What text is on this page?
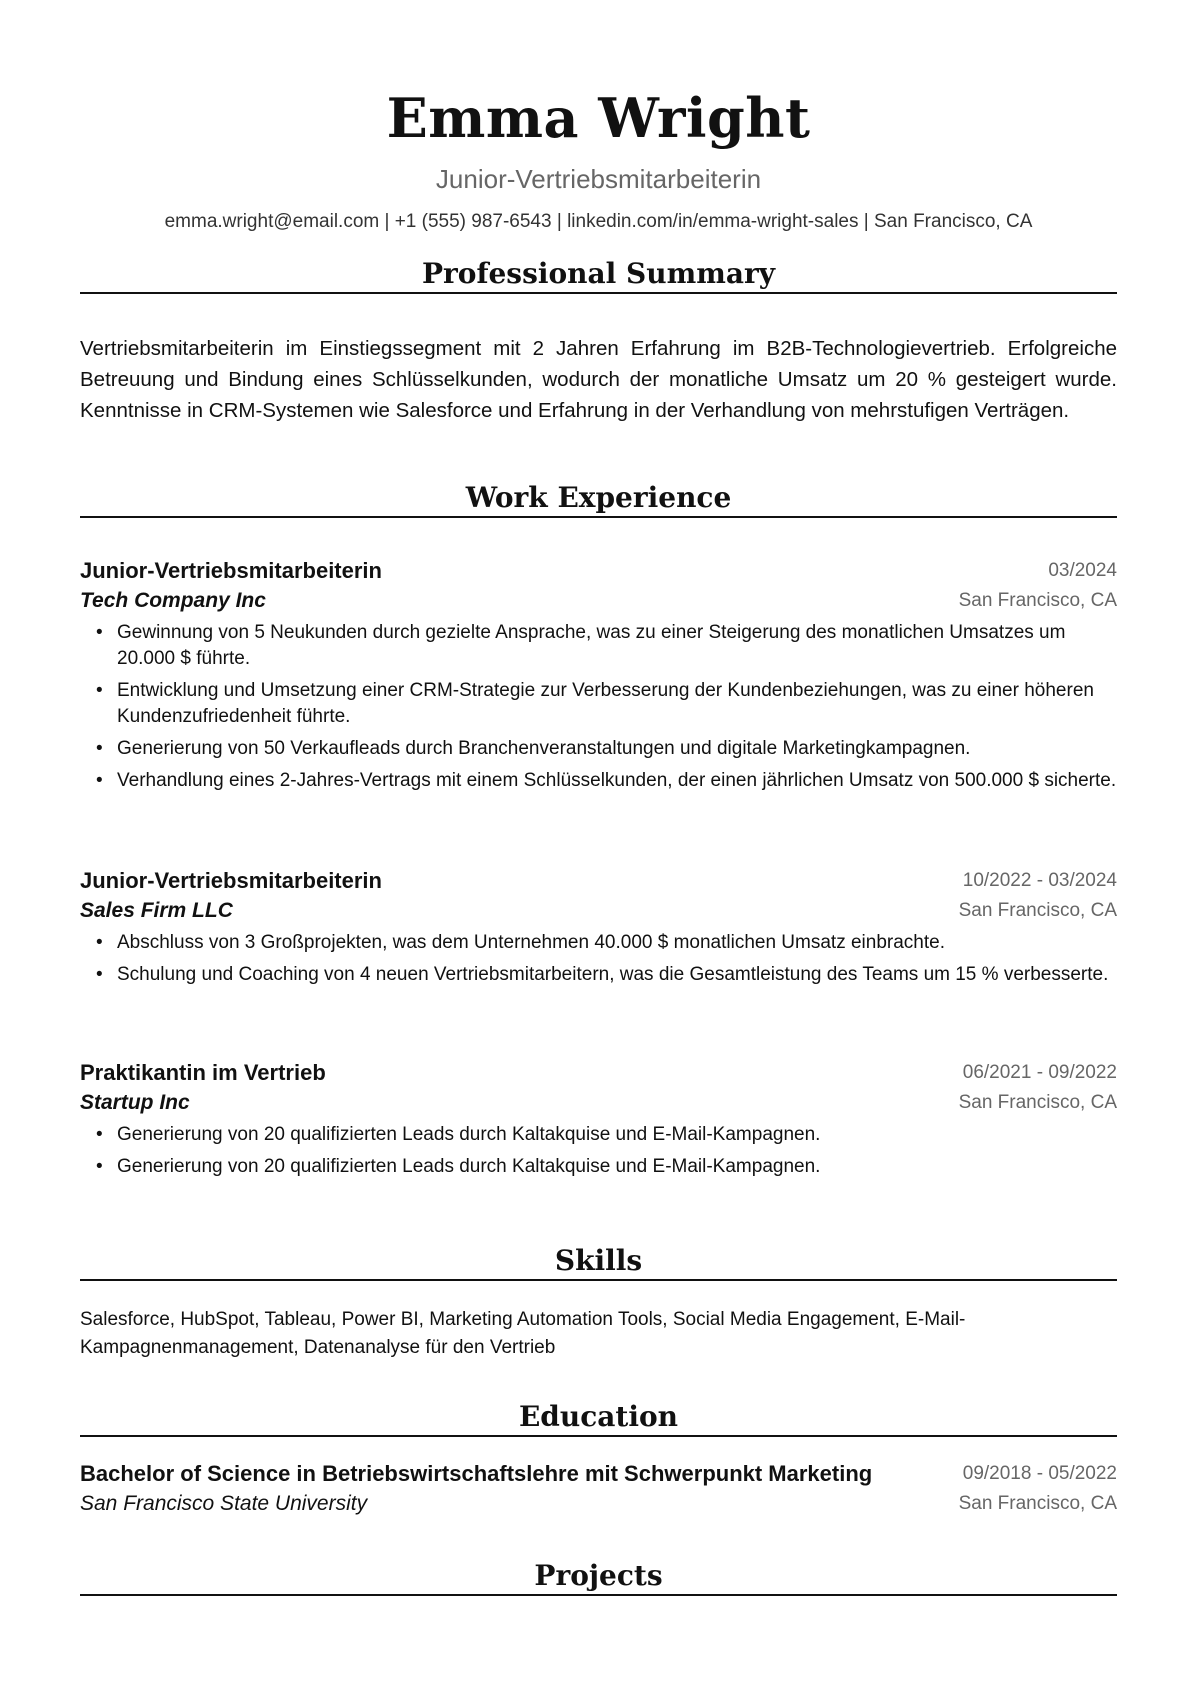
Emma Wright
Junior-Vertriebsmitarbeiterin
emma.wright@email.com | +1 (555) 987-6543 | linkedin.com/in/emma-wright-sales | San Francisco, CA
Professional Summary

Vertriebsmitarbeiterin im Einstiegssegment mit 2 Jahren Erfahrung im B2B-Technologievertrieb. Erfolgreiche Betreuung und Bindung eines Schlüsselkunden, wodurch der monatliche Umsatz um 20 % gesteigert wurde. Kenntnisse in CRM-Systemen wie Salesforce und Erfahrung in der Verhandlung von mehrstufigen Verträgen.

Work Experience
Junior-Vertriebsmitarbeiterin	03/2024
Tech Company Inc	San Francisco, CA
• Gewinnung von 5 Neukunden durch gezielte Ansprache, was zu einer Steigerung des monatlichen Umsatzes um 20.000 $ führte.
• Entwicklung und Umsetzung einer CRM-Strategie zur Verbesserung der Kundenbeziehungen, was zu einer höheren Kundenzufriedenheit führte.
• Generierung von 50 Verkaufleads durch Branchenveranstaltungen und digitale Marketingkampagnen.
• Verhandlung eines 2-Jahres-Vertrags mit einem Schlüsselkunden, der einen jährlichen Umsatz von 500.000 $ sicherte.
Junior-Vertriebsmitarbeiterin	10/2022 - 03/2024
Sales Firm LLC	San Francisco, CA
• Abschluss von 3 Großprojekten, was dem Unternehmen 40.000 $ monatlichen Umsatz einbrachte.
• Schulung und Coaching von 4 neuen Vertriebsmitarbeitern, was die Gesamtleistung des Teams um 15 % verbesserte.
Praktikantin im Vertrieb	06/2021 - 09/2022
Startup Inc	San Francisco, CA
• Generierung von 20 qualifizierten Leads durch Kaltakquise und E-Mail-Kampagnen.
• Generierung von 20 qualifizierten Leads durch Kaltakquise und E-Mail-Kampagnen.
Skills

Salesforce, HubSpot, Tableau, Power BI, Marketing Automation Tools, Social Media Engagement, E-Mail-Kampagnenmanagement, Datenanalyse für den Vertrieb

Education
Bachelor of Science in Betriebswirtschaftslehre mit Schwerpunkt Marketing	09/2018 - 05/2022
San Francisco State University	San Francisco, CA
Projects
